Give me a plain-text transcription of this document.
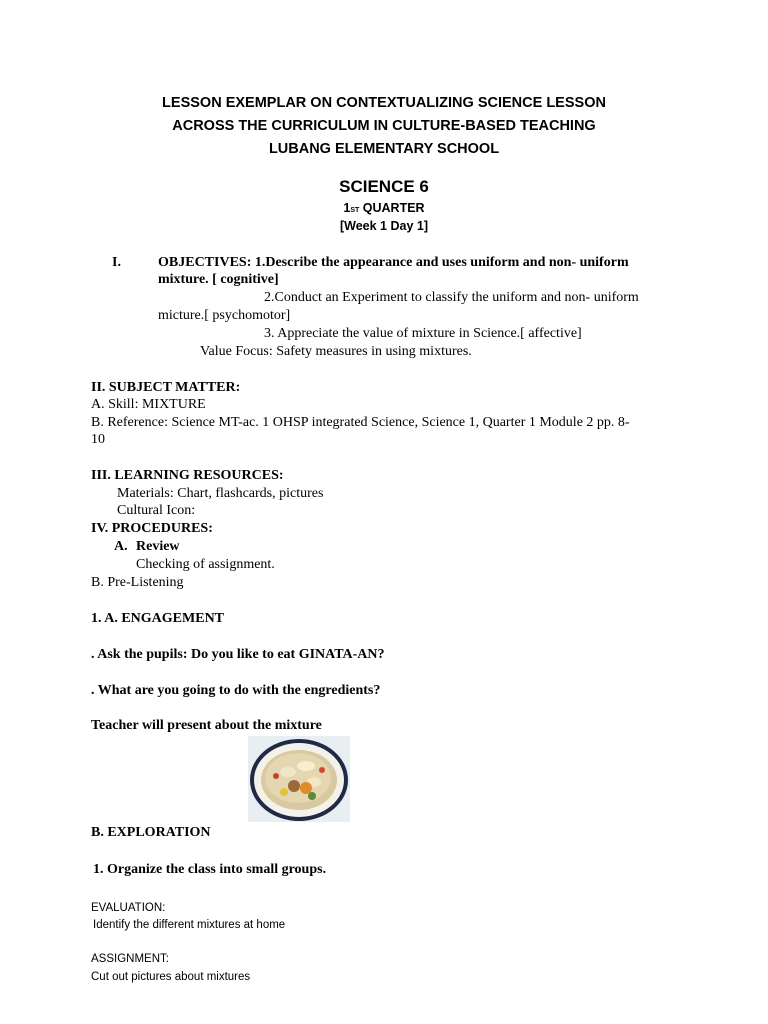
LESSON EXEMPLAR ON CONTEXTUALIZING SCIENCE LESSON
ACROSS THE CURRICULUM IN CULTURE-BASED TEACHING
LUBANG ELEMENTARY SCHOOL
SCIENCE 6
1ST QUARTER
[Week 1 Day 1]
I.	OBJECTIVES: 1.Describe the appearance and uses uniform and non- uniform
mixture. [ cognitive]
2.Conduct an Experiment to classify the uniform and non- uniform
micture.[ psychomotor]
3. Appreciate the value of mixture in Science.[ affective]
Value Focus: Safety measures in using mixtures.
II. SUBJECT MATTER:
A. Skill: MIXTURE
B. Reference: Science MT-ac. 1 OHSP integrated Science, Science 1, Quarter 1 Module 2 pp. 8-
10
III. LEARNING RESOURCES:
Materials: Chart, flashcards, pictures
Cultural Icon:
IV. PROCEDURES:
A. Review
Checking of assignment.
B. Pre-Listening
1. A. ENGAGEMENT
. Ask the pupils: Do you like to eat GINATA-AN?
. What are you going to do with the engredients?
Teacher will present about the mixture
B. EXPLORATION
1. Organize the class into small groups.
EVALUATION:
Identify the different mixtures at home
ASSIGNMENT:
Cut out pictures about mixtures
